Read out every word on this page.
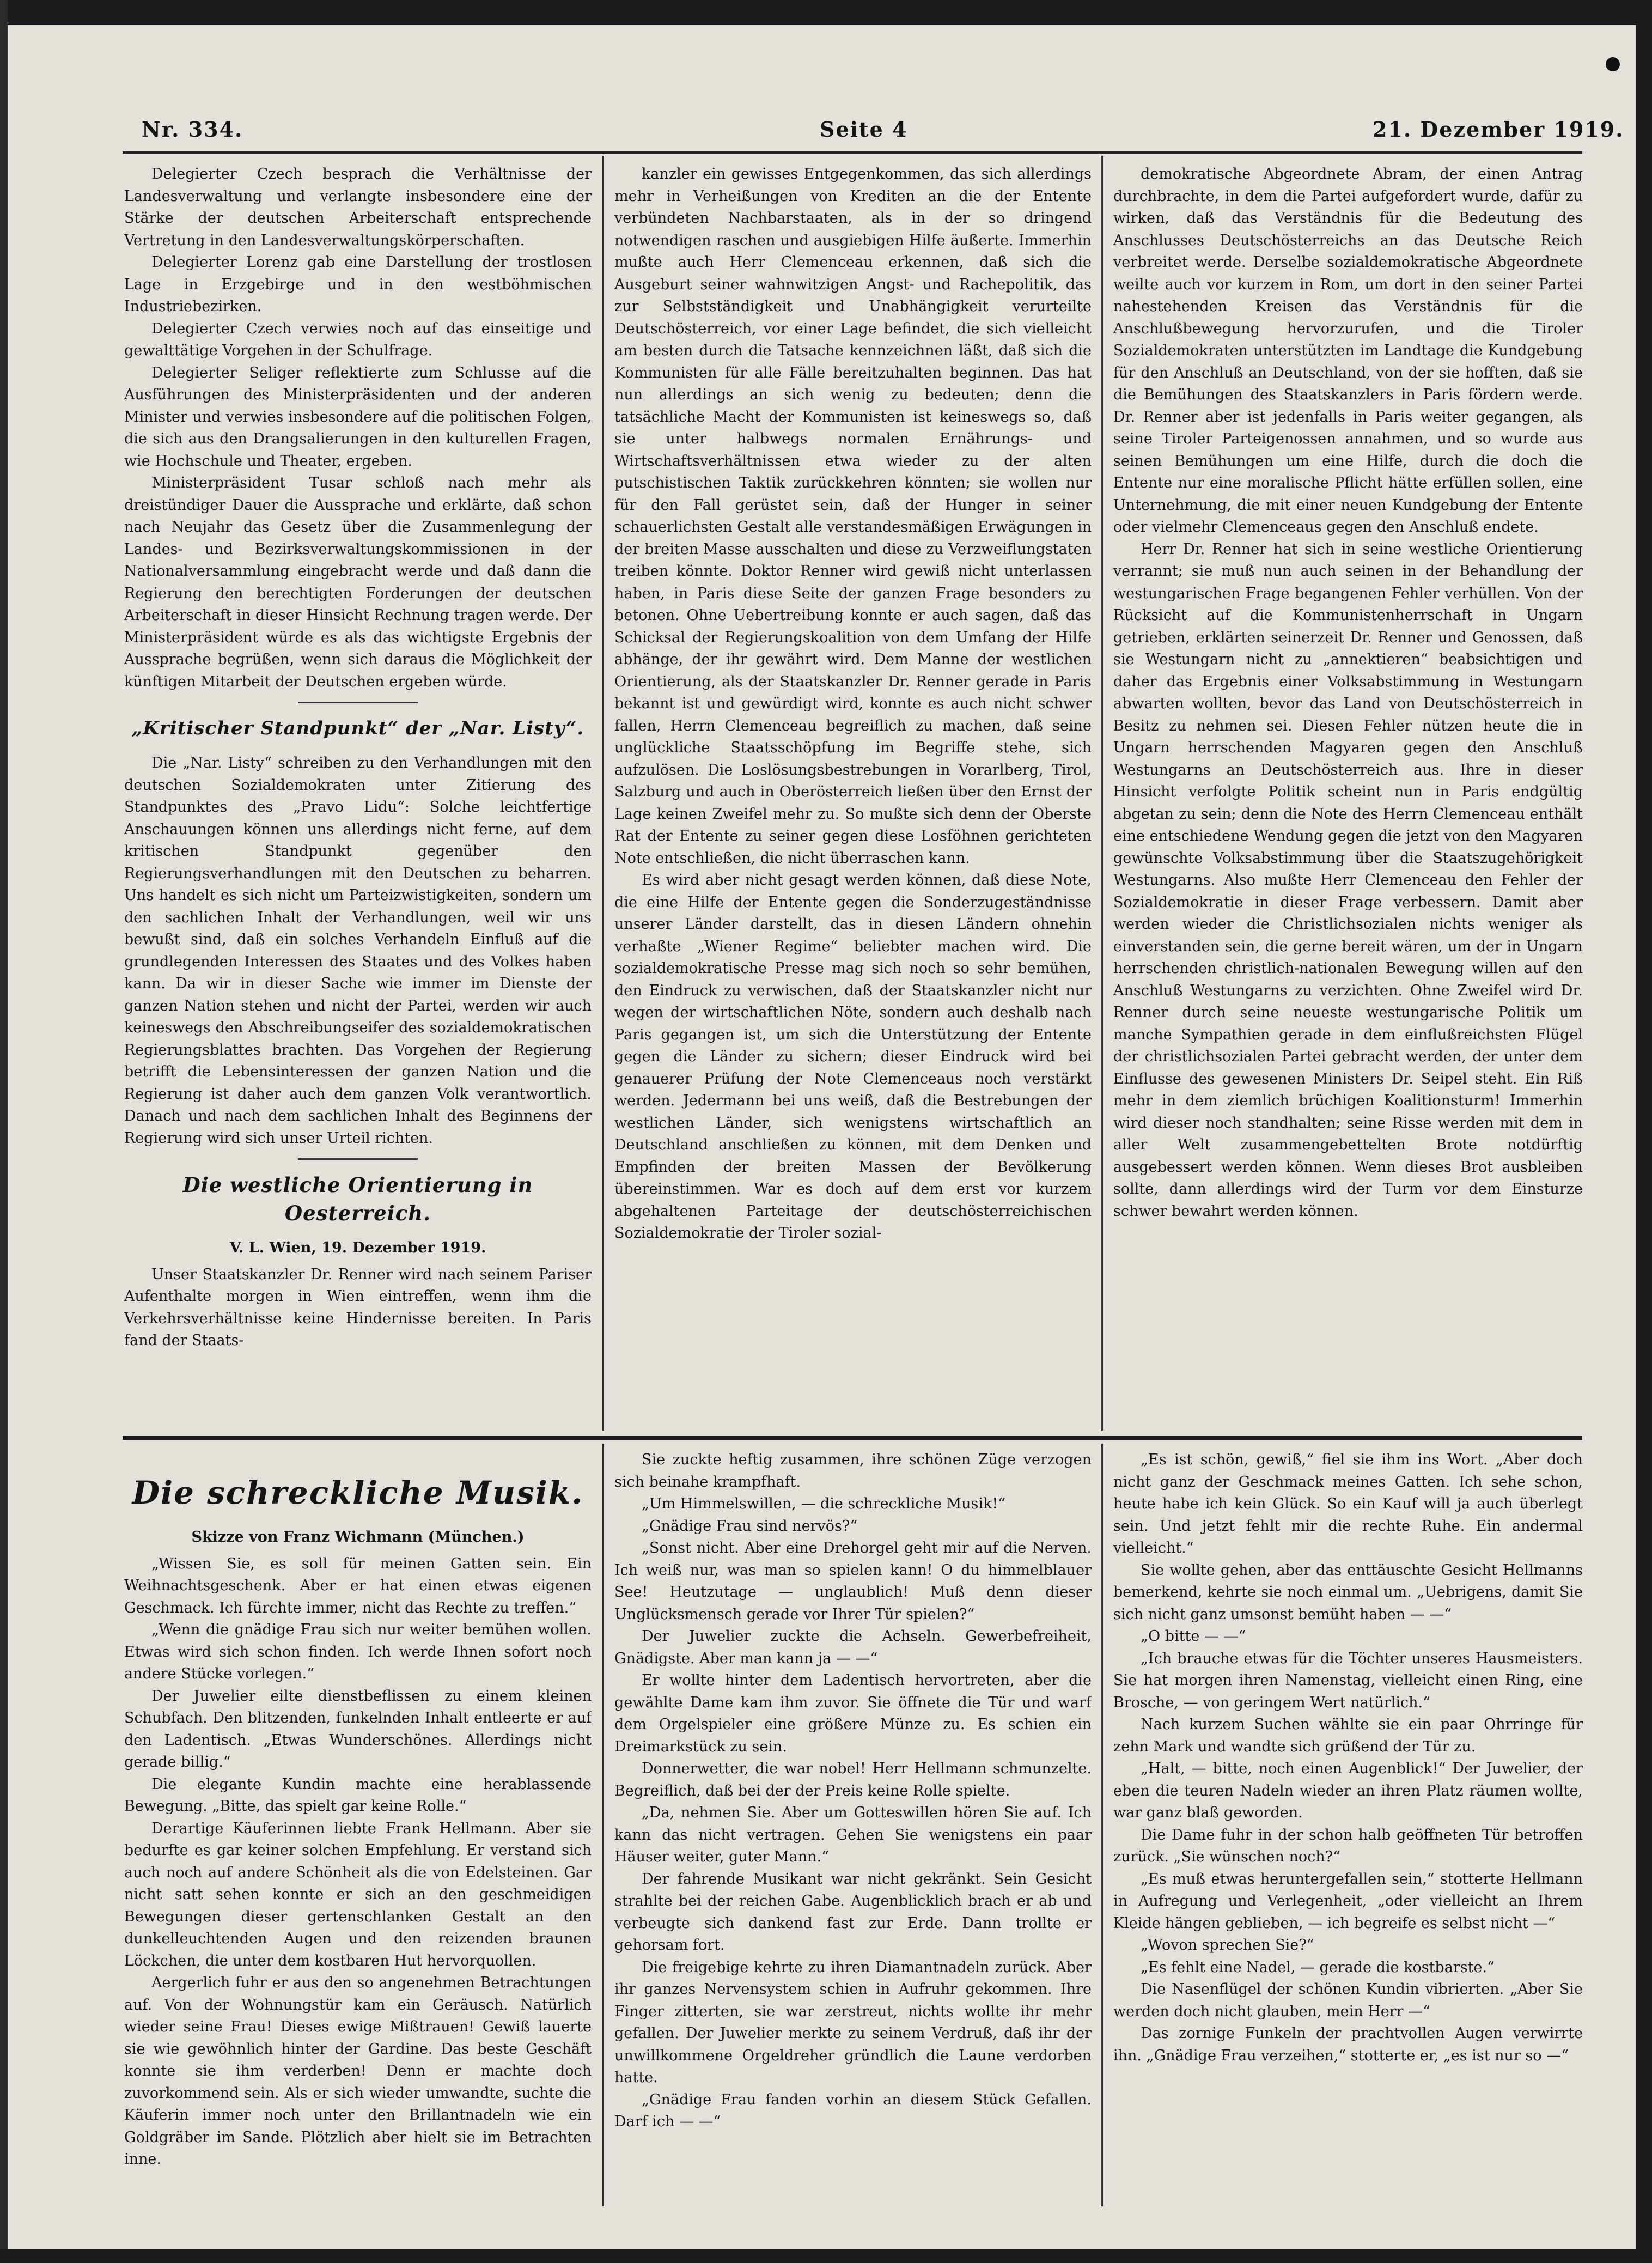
Nr. 334.	Seite 4	21. Dezember 1919.

Delegierter Czech besprach die Verhältnisse der Landesverwaltung und verlangte insbesondere eine der Stärke der deutschen Arbeiterschaft entsprechende Vertretung in den Landesverwaltungskörperschaften.

Delegierter Lorenz gab eine Darstellung der trostlosen Lage in Erzgebirge und in den westböhmischen Industriebezirken.

Delegierter Czech verwies noch auf das einseitige und gewalttätige Vorgehen in der Schulfrage.

Delegierter Seliger reflektierte zum Schlusse auf die Ausführungen des Ministerpräsidenten und der anderen Minister und verwies insbesondere auf die politischen Folgen, die sich aus den Drangsalierungen in den kulturellen Fragen, wie Hochschule und Theater, ergeben.

Ministerpräsident Tusar schloß nach mehr als dreistündiger Dauer die Aussprache und erklärte, daß schon nach Neujahr das Gesetz über die Zusammenlegung der Landes- und Bezirksverwaltungskommissionen in der Nationalversammlung eingebracht werde und daß dann die Regierung den berechtigten Forderungen der deutschen Arbeiterschaft in dieser Hinsicht Rechnung tragen werde. Der Ministerpräsident würde es als das wichtigste Ergebnis der Aussprache begrüßen, wenn sich daraus die Möglichkeit der künftigen Mitarbeit der Deutschen ergeben würde.

„Kritischer Standpunkt“ der „Nar. Listy“.

Die „Nar. Listy“ schreiben zu den Verhandlungen mit den deutschen Sozialdemokraten unter Zitierung des Standpunktes des „Pravo Lidu“: Solche leichtfertige Anschauungen können uns allerdings nicht ferne, auf dem kritischen Standpunkt gegenüber den Regierungsverhandlungen mit den Deutschen zu beharren. Uns handelt es sich nicht um Parteizwistigkeiten, sondern um den sachlichen Inhalt der Verhandlungen, weil wir uns bewußt sind, daß ein solches Verhandeln Einfluß auf die grundlegenden Interessen des Staates und des Volkes haben kann. Da wir in dieser Sache wie immer im Dienste der ganzen Nation stehen und nicht der Partei, werden wir auch keineswegs den Abschreibungseifer des sozialdemokratischen Regierungsblattes brachten. Das Vorgehen der Regierung betrifft die Lebensinteressen der ganzen Nation und die Regierung ist daher auch dem ganzen Volk verantwortlich. Danach und nach dem sachlichen Inhalt des Beginnens der Regierung wird sich unser Urteil richten.

Die westliche Orientierung in Oesterreich.

V. L. Wien, 19. Dezember 1919.

Unser Staatskanzler Dr. Renner wird nach seinem Pariser Aufenthalte morgen in Wien eintreffen, wenn ihm die Verkehrsverhältnisse keine Hindernisse bereiten. In Paris fand der Staats-

kanzler ein gewisses Entgegenkommen, das sich allerdings mehr in Verheißungen von Krediten an die der Entente verbündeten Nachbarstaaten, als in der so dringend notwendigen raschen und ausgiebigen Hilfe äußerte. Immerhin mußte auch Herr Clemenceau erkennen, daß sich die Ausgeburt seiner wahnwitzigen Angst- und Rachepolitik, das zur Selbstständigkeit und Unabhängigkeit verurteilte Deutschösterreich, vor einer Lage befindet, die sich vielleicht am besten durch die Tatsache kennzeichnen läßt, daß sich die Kommunisten für alle Fälle bereitzuhalten beginnen. Das hat nun allerdings an sich wenig zu bedeuten; denn die tatsächliche Macht der Kommunisten ist keineswegs so, daß sie unter halbwegs normalen Ernährungs- und Wirtschaftsverhältnissen etwa wieder zu der alten putschistischen Taktik zurückkehren könnten; sie wollen nur für den Fall gerüstet sein, daß der Hunger in seiner schauerlichsten Gestalt alle verstandesmäßigen Erwägungen in der breiten Masse ausschalten und diese zu Verzweiflungstaten treiben könnte. Doktor Renner wird gewiß nicht unterlassen haben, in Paris diese Seite der ganzen Frage besonders zu betonen. Ohne Uebertreibung konnte er auch sagen, daß das Schicksal der Regierungskoalition von dem Umfang der Hilfe abhänge, der ihr gewährt wird. Dem Manne der westlichen Orientierung, als der Staatskanzler Dr. Renner gerade in Paris bekannt ist und gewürdigt wird, konnte es auch nicht schwer fallen, Herrn Clemenceau begreiflich zu machen, daß seine unglückliche Staatsschöpfung im Begriffe stehe, sich aufzulösen. Die Loslösungsbestrebungen in Vorarlberg, Tirol, Salzburg und auch in Oberösterreich ließen über den Ernst der Lage keinen Zweifel mehr zu. So mußte sich denn der Oberste Rat der Entente zu seiner gegen diese Losföhnen gerichteten Note entschließen, die nicht überraschen kann.

Es wird aber nicht gesagt werden können, daß diese Note, die eine Hilfe der Entente gegen die Sonderzugeständnisse unserer Länder darstellt, das in diesen Ländern ohnehin verhaßte „Wiener Regime“ beliebter machen wird. Die sozialdemokratische Presse mag sich noch so sehr bemühen, den Eindruck zu verwischen, daß der Staatskanzler nicht nur wegen der wirtschaftlichen Nöte, sondern auch deshalb nach Paris gegangen ist, um sich die Unterstützung der Entente gegen die Länder zu sichern; dieser Eindruck wird bei genauerer Prüfung der Note Clemenceaus noch verstärkt werden. Jedermann bei uns weiß, daß die Bestrebungen der westlichen Länder, sich wenigstens wirtschaftlich an Deutschland anschließen zu können, mit dem Denken und Empfinden der breiten Massen der Bevölkerung übereinstimmen. War es doch auf dem erst vor kurzem abgehaltenen Parteitage der deutschösterreichischen Sozialdemokratie der Tiroler sozial-

demokratische Abgeordnete Abram, der einen Antrag durchbrachte, in dem die Partei aufgefordert wurde, dafür zu wirken, daß das Verständnis für die Bedeutung des Anschlusses Deutschösterreichs an das Deutsche Reich verbreitet werde. Derselbe sozialdemokratische Abgeordnete weilte auch vor kurzem in Rom, um dort in den seiner Partei nahestehenden Kreisen das Verständnis für die Anschlußbewegung hervorzurufen, und die Tiroler Sozialdemokraten unterstützten im Landtage die Kundgebung für den Anschluß an Deutschland, von der sie hofften, daß sie die Bemühungen des Staatskanzlers in Paris fördern werde. Dr. Renner aber ist jedenfalls in Paris weiter gegangen, als seine Tiroler Parteigenossen annahmen, und so wurde aus seinen Bemühungen um eine Hilfe, durch die doch die Entente nur eine moralische Pflicht hätte erfüllen sollen, eine Unternehmung, die mit einer neuen Kundgebung der Entente oder vielmehr Clemenceaus gegen den Anschluß endete.

Herr Dr. Renner hat sich in seine westliche Orientierung verrannt; sie muß nun auch seinen in der Behandlung der westungarischen Frage begangenen Fehler verhüllen. Von der Rücksicht auf die Kommunistenherrschaft in Ungarn getrieben, erklärten seinerzeit Dr. Renner und Genossen, daß sie Westungarn nicht zu „annektieren“ beabsichtigen und daher das Ergebnis einer Volksabstimmung in Westungarn abwarten wollten, bevor das Land von Deutschösterreich in Besitz zu nehmen sei. Diesen Fehler nützen heute die in Ungarn herrschenden Magyaren gegen den Anschluß Westungarns an Deutschösterreich aus. Ihre in dieser Hinsicht verfolgte Politik scheint nun in Paris endgültig abgetan zu sein; denn die Note des Herrn Clemenceau enthält eine entschiedene Wendung gegen die jetzt von den Magyaren gewünschte Volksabstimmung über die Staatszugehörigkeit Westungarns. Also mußte Herr Clemenceau den Fehler der Sozialdemokratie in dieser Frage verbessern. Damit aber werden wieder die Christlichsozialen nichts weniger als einverstanden sein, die gerne bereit wären, um der in Ungarn herrschenden christlich-nationalen Bewegung willen auf den Anschluß Westungarns zu verzichten. Ohne Zweifel wird Dr. Renner durch seine neueste westungarische Politik um manche Sympathien gerade in dem einflußreichsten Flügel der christlichsozialen Partei gebracht werden, der unter dem Einflusse des gewesenen Ministers Dr. Seipel steht. Ein Riß mehr in dem ziemlich brüchigen Koalitionsturm! Immerhin wird dieser noch standhalten; seine Risse werden mit dem in aller Welt zusammengebettelten Brote notdürftig ausgebessert werden können. Wenn dieses Brot ausbleiben sollte, dann allerdings wird der Turm vor dem Einsturze schwer bewahrt werden können.

Die schreckliche Musik.

Skizze von Franz Wichmann (München.)

„Wissen Sie, es soll für meinen Gatten sein. Ein Weihnachtsgeschenk. Aber er hat einen etwas eigenen Geschmack. Ich fürchte immer, nicht das Rechte zu treffen.“

„Wenn die gnädige Frau sich nur weiter bemühen wollen. Etwas wird sich schon finden. Ich werde Ihnen sofort noch andere Stücke vorlegen.“

Der Juwelier eilte dienstbeflissen zu einem kleinen Schubfach. Den blitzenden, funkelnden Inhalt entleerte er auf den Ladentisch. „Etwas Wunderschönes. Allerdings nicht gerade billig.“

Die elegante Kundin machte eine herablassende Bewegung. „Bitte, das spielt gar keine Rolle.“

Derartige Käuferinnen liebte Frank Hellmann. Aber sie bedurfte es gar keiner solchen Empfehlung. Er verstand sich auch noch auf andere Schönheit als die von Edelsteinen. Gar nicht satt sehen konnte er sich an den geschmeidigen Bewegungen dieser gertenschlanken Gestalt an den dunkelleuchtenden Augen und den reizenden braunen Löckchen, die unter dem kostbaren Hut hervorquollen.

Aergerlich fuhr er aus den so angenehmen Betrachtungen auf. Von der Wohnungstür kam ein Geräusch. Natürlich wieder seine Frau! Dieses ewige Mißtrauen! Gewiß lauerte sie wie gewöhnlich hinter der Gardine. Das beste Geschäft konnte sie ihm verderben! Denn er machte doch zuvorkommend sein. Als er sich wieder umwandte, suchte die Käuferin immer noch unter den Brillantnadeln wie ein Goldgräber im Sande. Plötzlich aber hielt sie im Betrachten inne.

Sie zuckte heftig zusammen, ihre schönen Züge verzogen sich beinahe krampfhaft.

„Um Himmelswillen, — die schreckliche Musik!“

„Gnädige Frau sind nervös?“

„Sonst nicht. Aber eine Drehorgel geht mir auf die Nerven. Ich weiß nur, was man so spielen kann! O du himmelblauer See! Heutzutage — unglaublich! Muß denn dieser Unglücksmensch gerade vor Ihrer Tür spielen?“

Der Juwelier zuckte die Achseln. Gewerbefreiheit, Gnädigste. Aber man kann ja — —“

Er wollte hinter dem Ladentisch hervortreten, aber die gewählte Dame kam ihm zuvor. Sie öffnete die Tür und warf dem Orgelspieler eine größere Münze zu. Es schien ein Dreimarkstück zu sein.

Donnerwetter, die war nobel! Herr Hellmann schmunzelte. Begreiflich, daß bei der der Preis keine Rolle spielte.

„Da, nehmen Sie. Aber um Gotteswillen hören Sie auf. Ich kann das nicht vertragen. Gehen Sie wenigstens ein paar Häuser weiter, guter Mann.“

Der fahrende Musikant war nicht gekränkt. Sein Gesicht strahlte bei der reichen Gabe. Augenblicklich brach er ab und verbeugte sich dankend fast zur Erde. Dann trollte er gehorsam fort.

Die freigebige kehrte zu ihren Diamantnadeln zurück. Aber ihr ganzes Nervensystem schien in Aufruhr gekommen. Ihre Finger zitterten, sie war zerstreut, nichts wollte ihr mehr gefallen. Der Juwelier merkte zu seinem Verdruß, daß ihr der unwillkommene Orgeldreher gründlich die Laune verdorben hatte.

„Gnädige Frau fanden vorhin an diesem Stück Gefallen. Darf ich — —“

„Es ist schön, gewiß,“ fiel sie ihm ins Wort. „Aber doch nicht ganz der Geschmack meines Gatten. Ich sehe schon, heute habe ich kein Glück. So ein Kauf will ja auch überlegt sein. Und jetzt fehlt mir die rechte Ruhe. Ein andermal vielleicht.“

Sie wollte gehen, aber das enttäuschte Gesicht Hellmanns bemerkend, kehrte sie noch einmal um. „Uebrigens, damit Sie sich nicht ganz umsonst bemüht haben — —“

„O bitte — —“

„Ich brauche etwas für die Töchter unseres Hausmeisters. Sie hat morgen ihren Namenstag, vielleicht einen Ring, eine Brosche, — von geringem Wert natürlich.“

Nach kurzem Suchen wählte sie ein paar Ohrringe für zehn Mark und wandte sich grüßend der Tür zu.

„Halt, — bitte, noch einen Augenblick!“ Der Juwelier, der eben die teuren Nadeln wieder an ihren Platz räumen wollte, war ganz blaß geworden.

Die Dame fuhr in der schon halb geöffneten Tür betroffen zurück. „Sie wünschen noch?“

„Es muß etwas heruntergefallen sein,“ stotterte Hellmann in Aufregung und Verlegenheit, „oder vielleicht an Ihrem Kleide hängen geblieben, — ich begreife es selbst nicht —“

„Wovon sprechen Sie?“

„Es fehlt eine Nadel, — gerade die kostbarste.“

Die Nasenflügel der schönen Kundin vibrierten. „Aber Sie werden doch nicht glauben, mein Herr —“

Das zornige Funkeln der prachtvollen Augen verwirrte ihn. „Gnädige Frau verzeihen,“ stotterte er, „es ist nur so —“
